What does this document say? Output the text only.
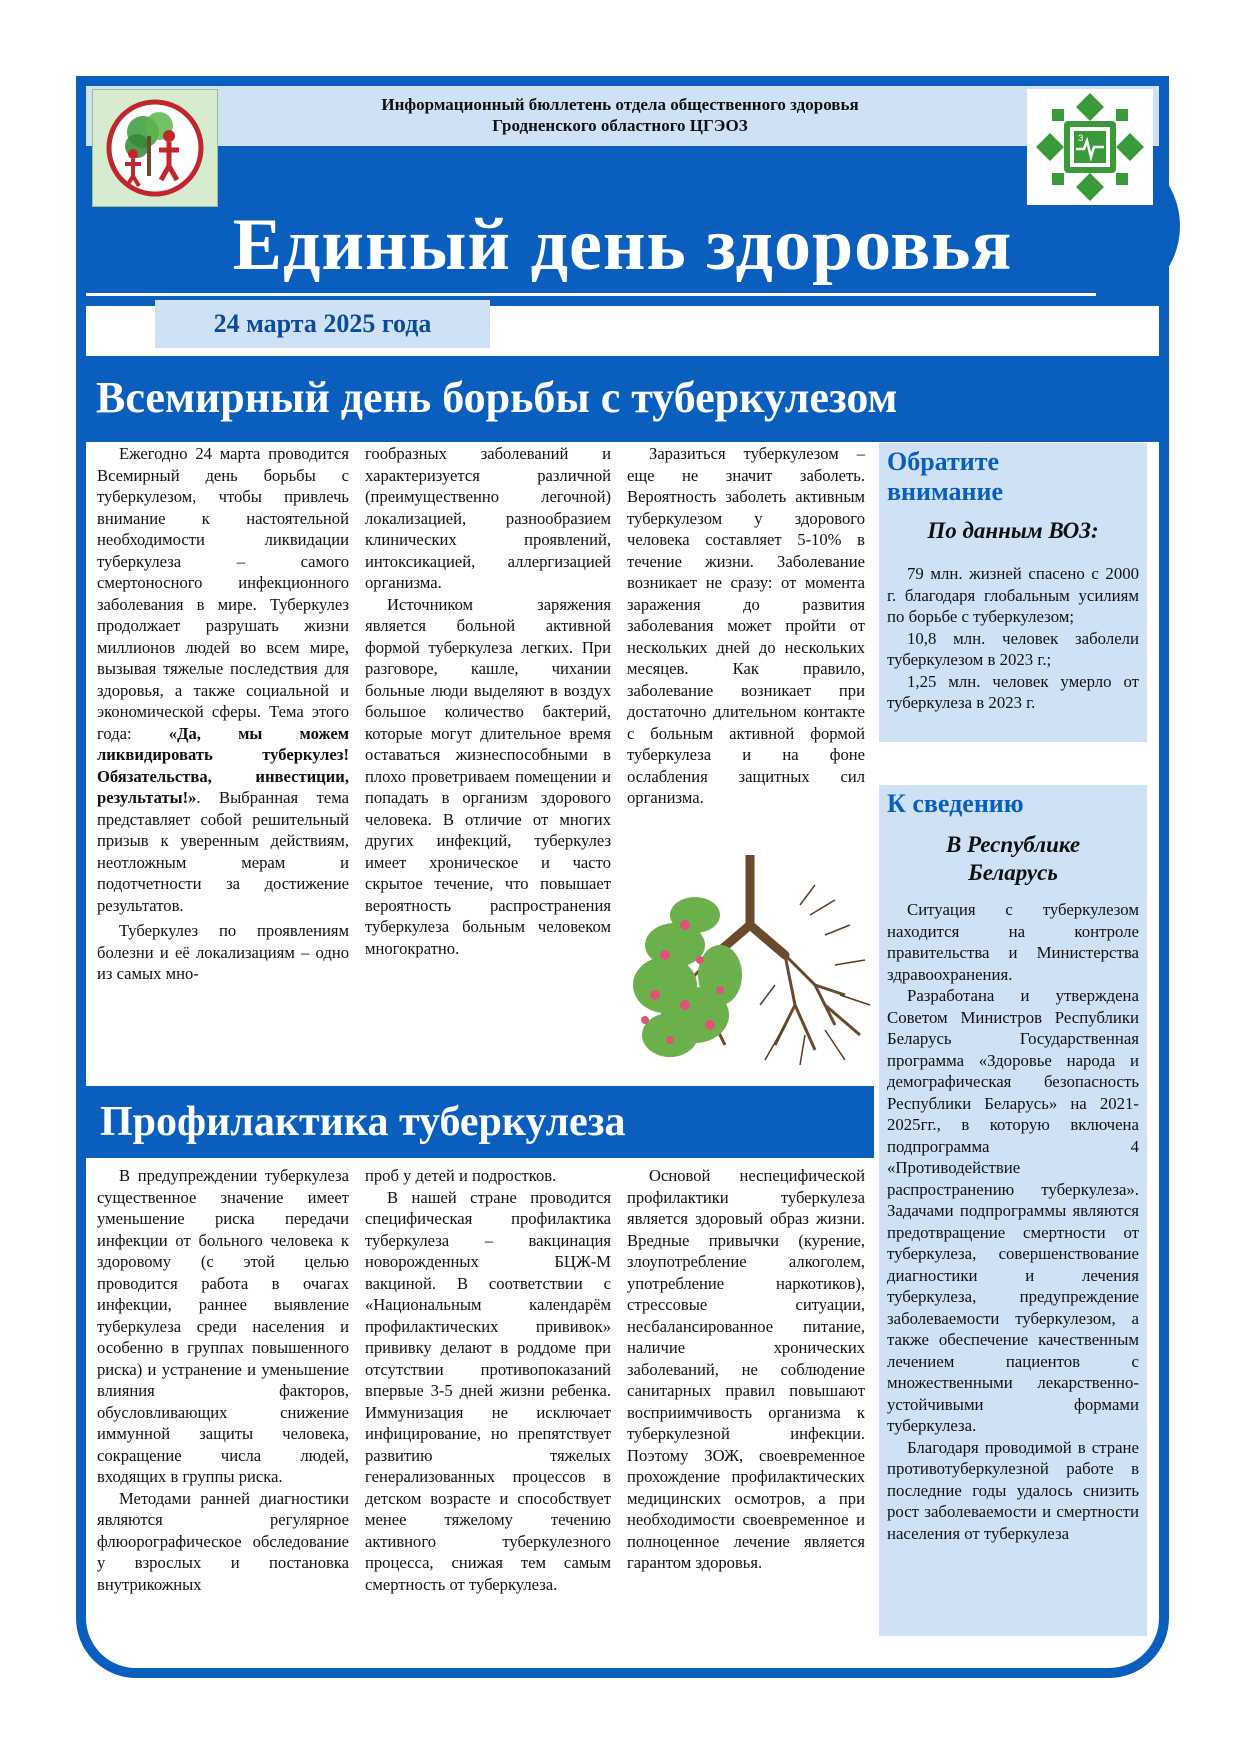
Информационный бюллетень отдела общественного здоровья
Гродненского областного ЦГЭОЗ
З
Единый день здоровья
24 марта 2025 года
Всемирный день борьбы с туберкулезом

Ежегодно 24 марта проводится Всемирный день борьбы с туберкулезом, чтобы привлечь внимание к настоятельной необходимости ликвидации туберкулеза – самого смертоносного инфекционного заболевания в мире. Туберкулез продолжает разрушать жизни миллионов людей во всем мире, вызывая тяжелые последствия для здоровья, а также социальной и экономической сферы. Тема этого года: «Да, мы можем ликвидировать туберкулез! Обязательства, инвестиции, результаты!». Выбранная тема представляет собой решительный призыв к уверенным действиям, неотложным мерам и подотчетности за достижение результатов.

Туберкулез по проявлениям болезни и её локализациям – одно из самых мно-

гообразных заболеваний и характеризуется различной (преимущественно легочной) локализацией, разнообразием клинических проявлений, интоксикацией, аллергизацией организма.

Источником заряжения является больной активной формой туберкулеза легких. При разговоре, кашле, чихании больные люди выделяют в воздух большое количество бактерий, которые могут длительное время оставаться жизнеспособными в плохо проветриваем помещении и попадать в организм здорового человека. В отличие от многих других инфекций, туберкулез имеет хроническое и часто скрытое течение, что повышает вероятность распространения туберкулеза больным человеком многократно.

Заразиться туберкулезом – еще не значит заболеть. Вероятность заболеть активным туберкулезом у здорового человека составляет 5-10% в течение жизни. Заболевание возникает не сразу: от момента заражения до развития заболевания может пройти от нескольких дней до нескольких месяцев. Как правило, заболевание возникает при достаточно длительном контакте с больным активной формой туберкулеза и на фоне ослабления защитных сил организма.

Обратите внимание
По данным ВОЗ:

79 млн. жизней спасено с 2000 г. благодаря глобальным усилиям по борьбе с туберкулезом;

10,8 млн. человек заболели туберкулезом в 2023 г.;

1,25 млн. человек умерло от туберкулеза в 2023 г.

К сведению
В Республике Беларусь

Ситуация с туберкулезом находится на контроле правительства и Министерства здравоохранения.

Разработана и утверждена Советом Министров Республики Беларусь Государственная программа «Здоровье народа и демографическая безопасность Республики Беларусь» на 2021-2025гг., в которую включена подпрограмма 4 «Противодействие распространению туберкулеза». Задачами подпрограммы являются предотвращение смертности от туберкулеза, совершенствование диагностики и лечения туберкулеза, предупреждение заболеваемости туберкулезом, а также обеспечение качественным лечением пациентов с множественными лекарственно-устойчивыми формами туберкулеза.

Благодаря проводимой в стране противотуберкулезной работе в последние годы удалось снизить рост заболеваемости и смертности населения от туберкулеза

Профилактика туберкулеза

В предупреждении туберкулеза существенное значение имеет уменьшение риска передачи инфекции от больного человека к здоровому (с этой целью проводится работа в очагах инфекции, раннее выявление туберкулеза среди населения и особенно в группах повышенного риска) и устранение и уменьшение влияния факторов, обусловливающих снижение иммунной защиты человека, сокращение числа людей, входящих в группы риска.

Методами ранней диагностики являются регулярное флюорографическое обследование у взрослых и постановка внутрикожных

проб у детей и подростков.

В нашей стране проводится специфическая профилактика туберкулеза – вакцинация новорожденных БЦЖ-М вакциной. В соответствии с «Национальным календарём профилактических прививок» прививку делают в роддоме при отсутствии противопоказаний впервые 3-5 дней жизни ребенка. Иммунизация не исключает инфицирование, но препятствует развитию тяжелых генерализованных процессов в детском возрасте и способствует менее тяжелому течению активного туберкулезного процесса, снижая тем самым смертность от туберкулеза.

Основой неспецифической профилактики туберкулеза является здоровый образ жизни. Вредные привычки (курение, злоупотребление алкоголем, употребление наркотиков), стрессовые ситуации, несбалансированное питание, наличие хронических заболеваний, не соблюдение санитарных правил повышают восприимчивость организма к туберкулезной инфекции. Поэтому ЗОЖ, своевременное прохождение профилактических медицинских осмотров, а при необходимости своевременное и полноценное лечение является гарантом здоровья.
